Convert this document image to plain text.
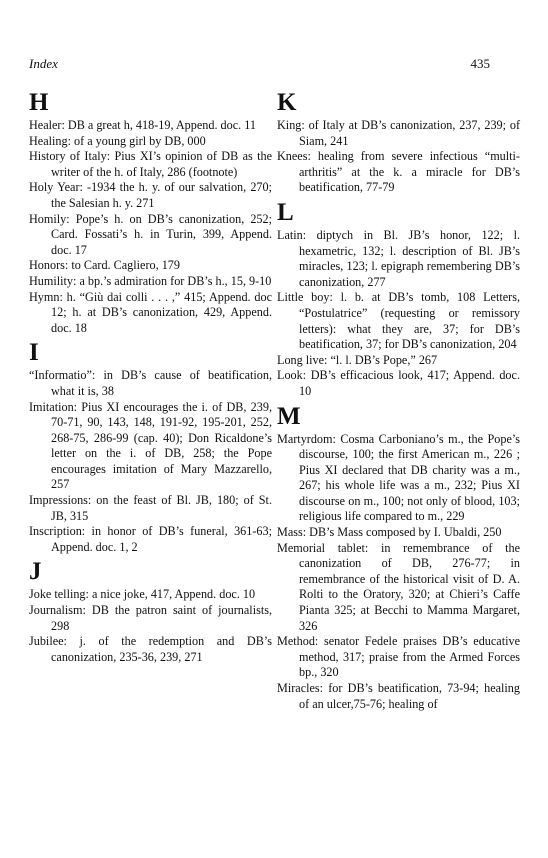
Index	435
H
Healer: DB a great h, 418-19, Append. doc. 11
Healing: of a young girl by DB, 000
History of Italy: Pius XI’s opinion of DB as the writer of the h. of Italy, 286 (footnote)
Holy Year: -1934 the h. y. of our salvation, 270; the Salesian h. y. 271
Homily: Pope’s h. on DB’s canonization, 252; Card. Fossati’s h. in Turin, 399, Append. doc. 17
Honors: to Card. Cagliero, 179
Humility: a bp.’s admiration for DB’s h., 15, 9-10
Hymn: h. “Giù dai colli . . . ,” 415; Append. doc 12; h. at DB’s canonization, 429, Append. doc. 18
I
“Informatio”: in DB’s cause of beatification, what it is, 38
Imitation: Pius XI encourages the i. of DB, 239, 70-71, 90, 143, 148, 191-92, 195-201, 252, 268-75, 286-99 (cap. 40); Don Ricaldone’s letter on the i. of DB, 258; the Pope encourages imitation of Mary Mazzarello, 257
Impressions: on the feast of Bl. JB, 180; of St. JB, 315
Inscription: in honor of DB’s funeral, 361-63; Append. doc. 1, 2
J
Joke telling: a nice joke, 417, Append. doc. 10
Journalism: DB the patron saint of journalists, 298
Jubilee: j. of the redemption and DB’s canonization, 235-36, 239, 271
K
King: of Italy at DB’s canonization, 237, 239; of Siam, 241
Knees: healing from severe infectious “multi-arthritis” at the k. a miracle for DB’s beatification, 77-79
L
Latin: diptych in Bl. JB’s honor, 122; l. hexametric, 132; l. description of Bl. JB’s miracles, 123; l. epigraph remembering DB’s canonization, 277
Little boy: l. b. at DB’s tomb, 108 Letters, “Postulatrice” (requesting or remissory letters): what they are, 37; for DB’s beatification, 37; for DB’s canonization, 204
Long live: “l. l. DB’s Pope,” 267
Look: DB’s efficacious look, 417; Append. doc. 10
M
Martyrdom: Cosma Carboniano’s m., the Pope’s discourse, 100; the first American m., 226 ; Pius XI declared that DB charity was a m., 267; his whole life was a m., 232; Pius XI discourse on m., 100; not only of blood, 103; religious life compared to m., 229
Mass: DB’s Mass composed by I. Ubaldi, 250
Memorial tablet: in remembrance of the canonization of DB, 276-77; in remembrance of the historical visit of D. A. Rolti to the Oratory, 320; at Chieri’s Caffe Pianta 325; at Becchi to Mamma Margaret, 326
Method: senator Fedele praises DB’s educative method, 317; praise from the Armed Forces bp., 320
Miracles: for DB’s beatification, 73-94; healing of an ulcer,75-76; healing of
